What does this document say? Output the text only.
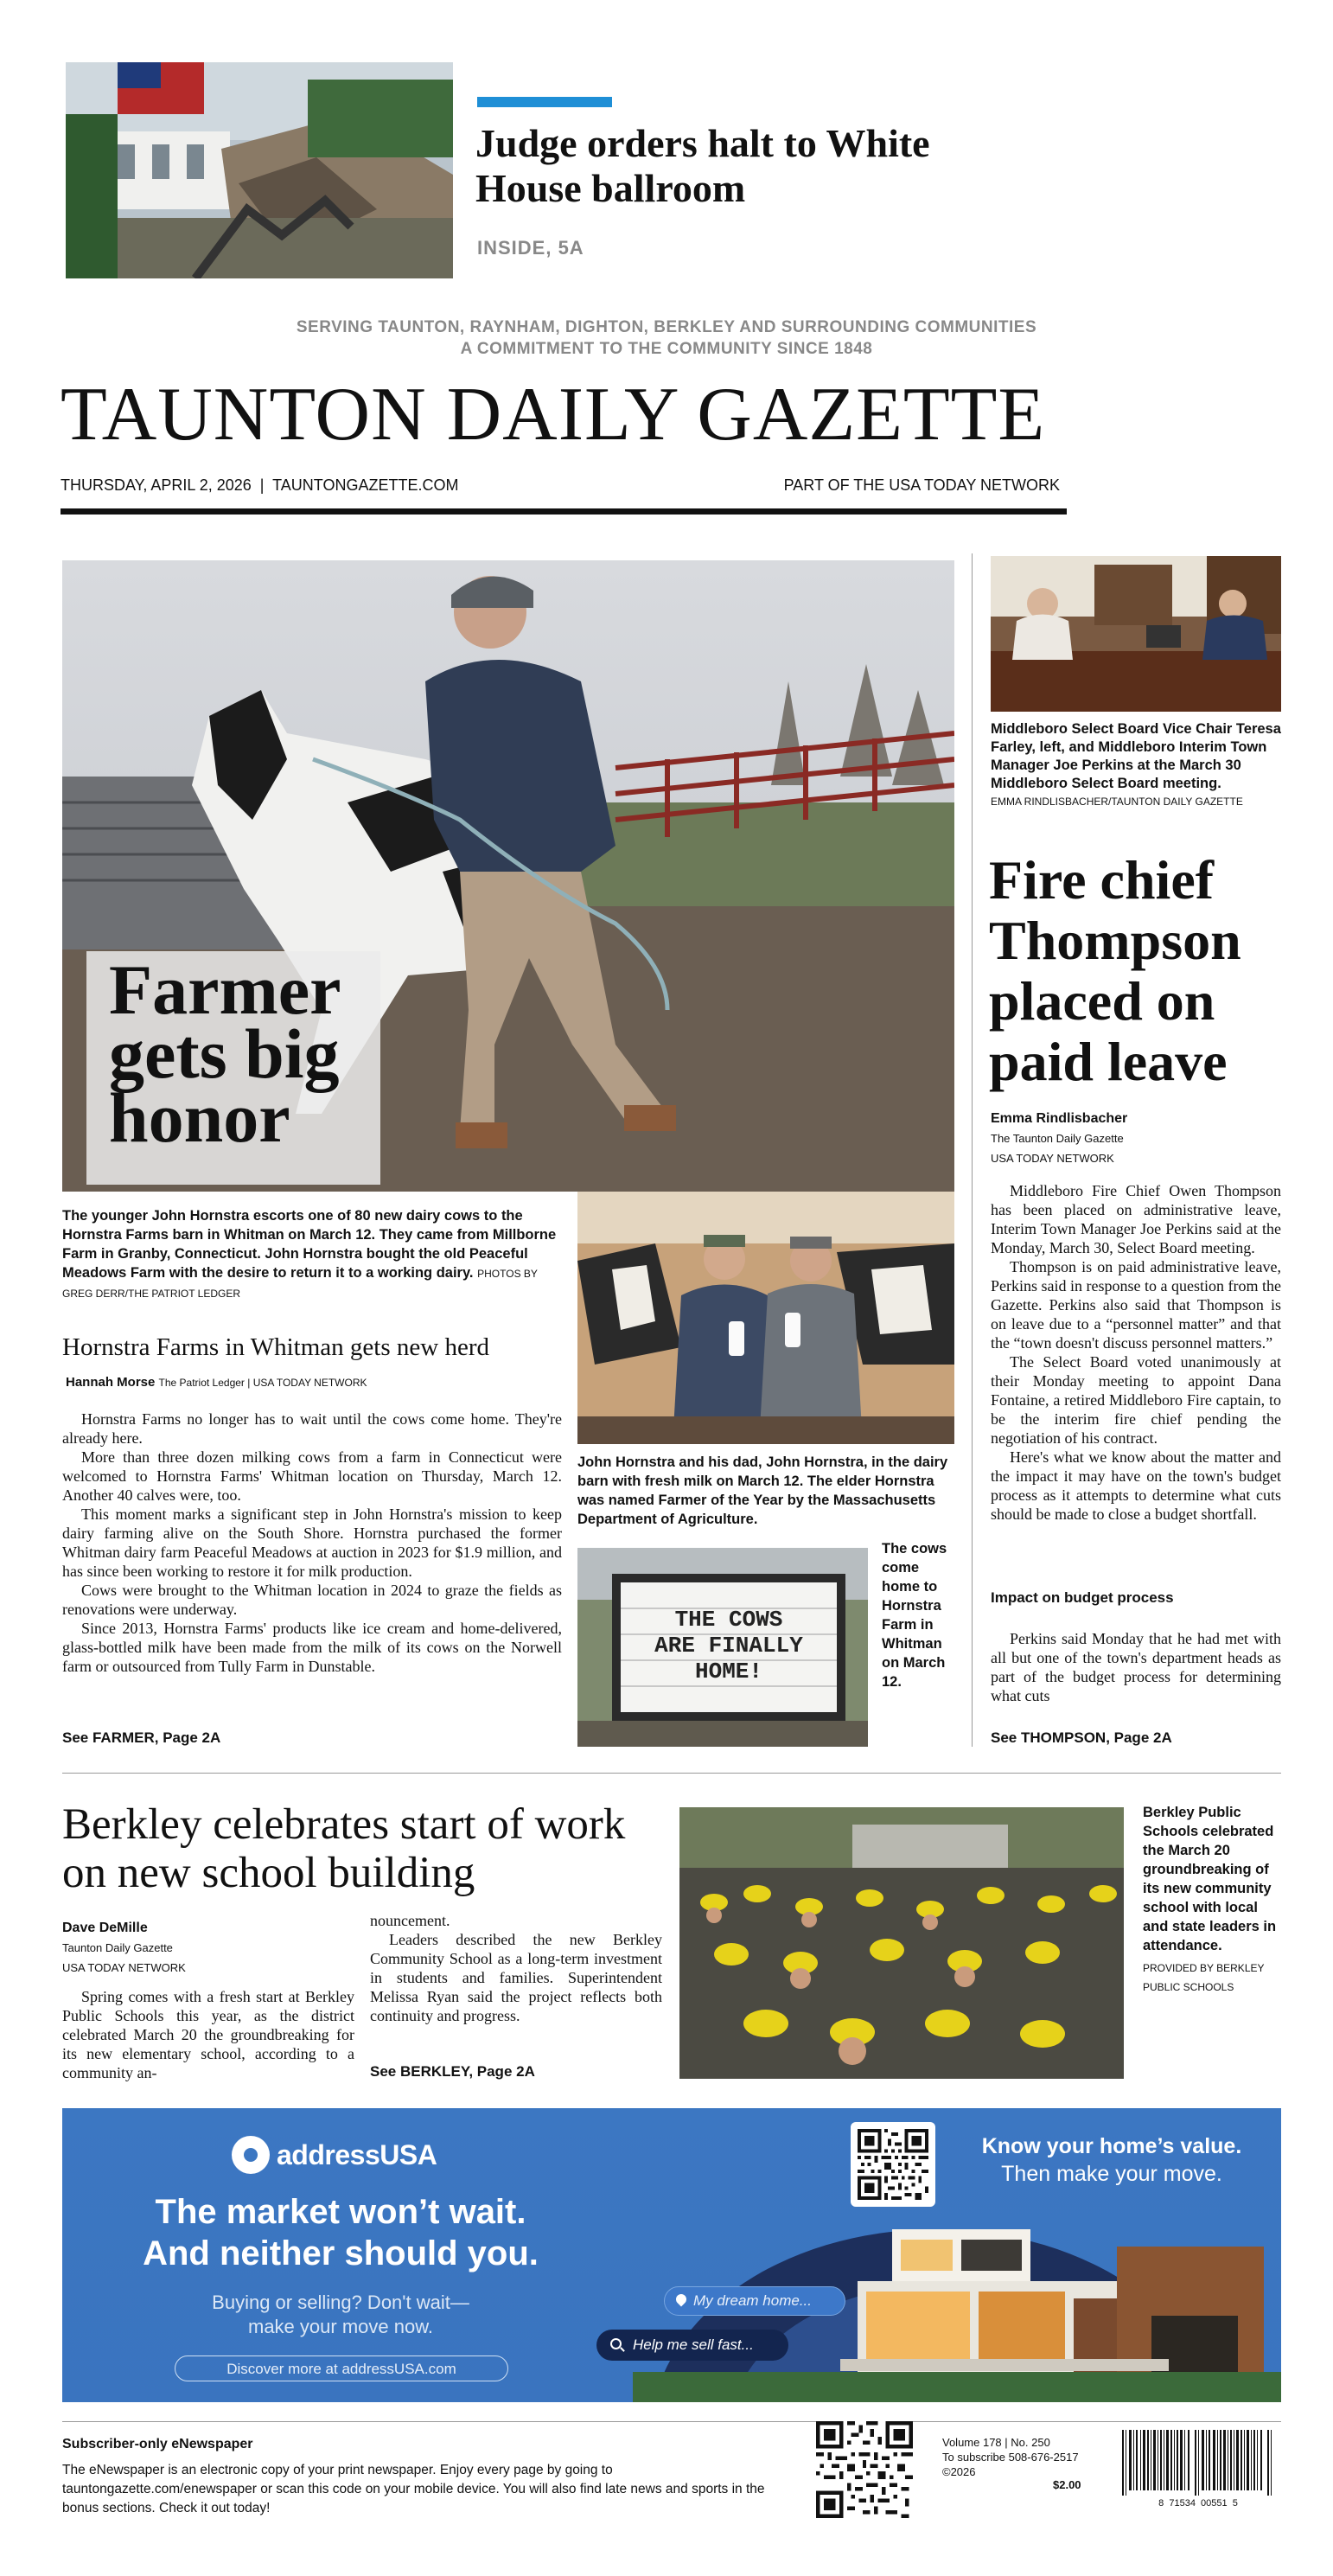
Judge orders halt to White House ballroom
INSIDE, 5A
SERVING TAUNTON, RAYNHAM, DIGHTON, BERKLEY AND SURROUNDING COMMUNITIES
A COMMITMENT TO THE COMMUNITY SINCE 1848
TAUNTON DAILY GAZETTE
THURSDAY, APRIL 2, 2026  |  TAUNTONGAZETTE.COM	PART OF THE USA TODAY NETWORK
Farmer gets big honor
The younger John Hornstra escorts one of 80 new dairy cows to the Hornstra Farms barn in Whitman on March 12. They came from Millborne Farm in Granby, Connecticut. John Hornstra bought the old Peaceful Meadows Farm with the desire to return it to a working dairy. PHOTOS BY GREG DERR/THE PATRIOT LEDGER
Hornstra Farms in Whitman gets new herd
Hannah Morse The Patriot Ledger | USA TODAY NETWORK

Hornstra Farms no longer has to wait until the cows come home. They're already here.

More than three dozen milking cows from a farm in Connecticut were welcomed to Hornstra Farms' Whitman location on Thursday, March 12. Another 40 calves were, too.

This moment marks a significant step in John Hornstra's mission to keep dairy farming alive on the South Shore. Hornstra purchased the former Whitman dairy farm Peaceful Meadows at auction in 2023 for $1.9 million, and has since been working to restore it for milk production.

Cows were brought to the Whitman location in 2024 to graze the fields as renovations were underway.

Since 2013, Hornstra Farms' products like ice cream and home-delivered, glass-bottled milk have been made from the milk of its cows on the Norwell farm or outsourced from Tully Farm in Dunstable.

See FARMER, Page 2A
John Hornstra and his dad, John Hornstra, in the dairy barn with fresh milk on March 12. The elder Hornstra was named Farmer of the Year by the Massachusetts Department of Agriculture.
THE COWS
ARE FINALLY
HOME!
The cows come home to Hornstra Farm in Whitman on March 12.
Middleboro Select Board Vice Chair Teresa Farley, left, and Middleboro Interim Town Manager Joe Perkins at the March 30 Middleboro Select Board meeting.
EMMA RINDLISBACHER/TAUNTON DAILY GAZETTE
Fire chief Thompson placed on paid leave
Emma Rindlisbacher
The Taunton Daily Gazette
USA TODAY NETWORK

Middleboro Fire Chief Owen Thompson has been placed on administrative leave, Interim Town Manager Joe Perkins said at the Monday, March 30, Select Board meeting.

Thompson is on paid administrative leave, Perkins said in response to a question from the Gazette. Perkins also said that Thompson is on leave due to a “personnel matter” and that the “town doesn't discuss personnel matters.”

The Select Board voted unanimously at their Monday meeting to appoint Dana Fontaine, a retired Middleboro Fire captain, to be the interim fire chief pending the negotiation of his contract.

Here's what we know about the matter and the impact it may have on the town's budget process as it attempts to determine what cuts should be made to close a budget shortfall.

Impact on budget process

Perkins said Monday that he had met with all but one of the town's department heads as part of the budget process for determining what cuts

See THOMPSON, Page 2A
Berkley celebrates start of work on new school building
Dave DeMille
Taunton Daily Gazette
USA TODAY NETWORK

Spring comes with a fresh start at Berkley Public Schools this year, as the district celebrated March 20 the groundbreaking for its new elementary school, according to a community an-

nouncement.

Leaders described the new Berkley Community School as a long-term investment in students and families. Superintendent Melissa Ryan said the project reflects both continuity and progress.

See BERKLEY, Page 2A
Berkley Public Schools celebrated the March 20 groundbreaking of its new community school with local and state leaders in attendance.
PROVIDED BY BERKLEY
PUBLIC SCHOOLS
addressUSA
The market won’t wait.
And neither should you.
Buying or selling? Don't wait—
make your move now.
Discover more at addressUSA.com
Know your home’s value.
Then make your move.
My dream home...
Help me sell fast...
Subscriber-only eNewspaper
The eNewspaper is an electronic copy of your print newspaper. Enjoy every page by going to tauntongazette.com/enewspaper or scan this code on your mobile device. You will also find late news and sports in the bonus sections. Check it out today!
Volume 178 | No. 250
To subscribe 508-676-2517
©2026
$2.00
8  71534  00551  5
